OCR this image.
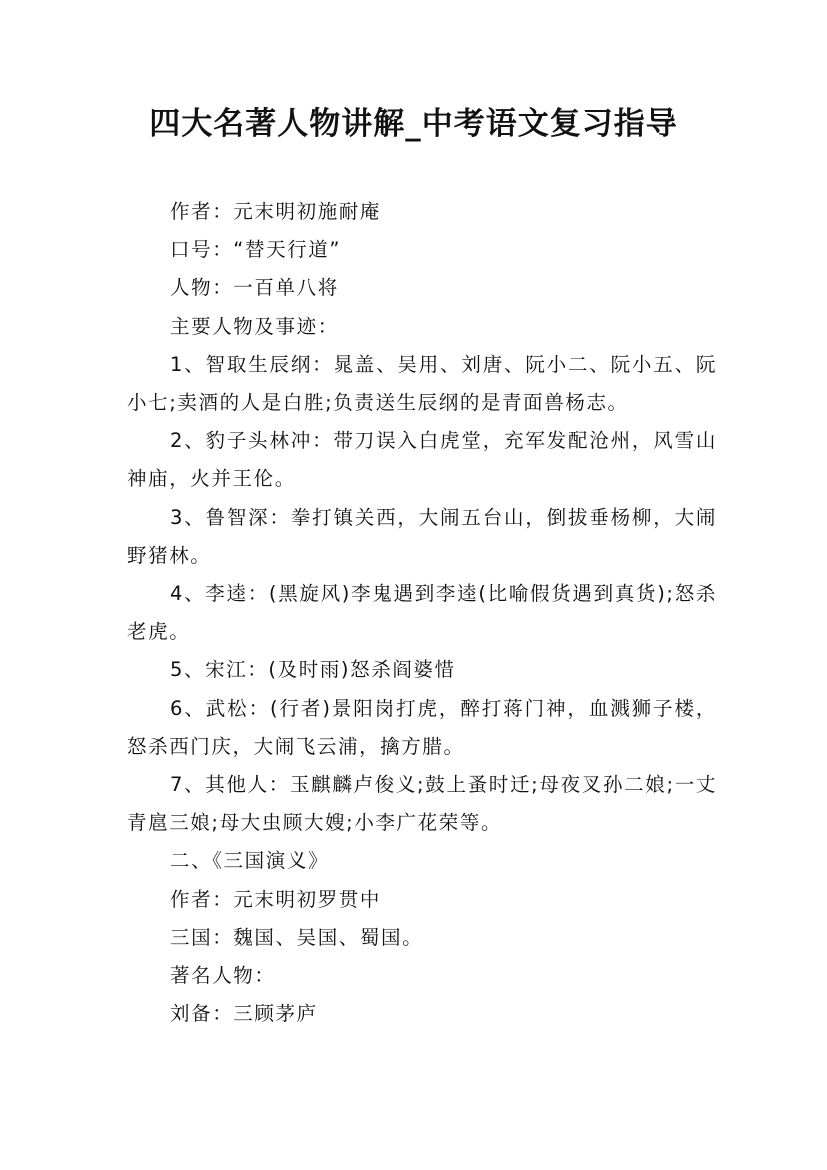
四大名著人物讲解_中考语文复习指导

作者：元末明初施耐庵

口号：“替天行道”

人物：一百单八将

主要人物及事迹：

1、智取生辰纲：晁盖、吴用、刘唐、阮小二、阮小五、阮小七;卖酒的人是白胜;负责送生辰纲的是青面兽杨志。

2、豹子头林冲：带刀误入白虎堂，充军发配沧州，风雪山神庙，火并王伦。

3、鲁智深：拳打镇关西，大闹五台山，倒拔垂杨柳，大闹野猪林。

4、李逵：(黑旋风)李鬼遇到李逵(比喻假货遇到真货);怒杀老虎。

5、宋江：(及时雨)怒杀阎婆惜

6、武松：(行者)景阳岗打虎，醉打蒋门神，血溅狮子楼，怒杀西门庆，大闹飞云浦，擒方腊。

7、其他人：玉麒麟卢俊义;鼓上蚤时迁;母夜叉孙二娘;一丈青扈三娘;母大虫顾大嫂;小李广花荣等。

二、《三国演义》

作者：元末明初罗贯中

三国：魏国、吴国、蜀国。

著名人物：

刘备：三顾茅庐
